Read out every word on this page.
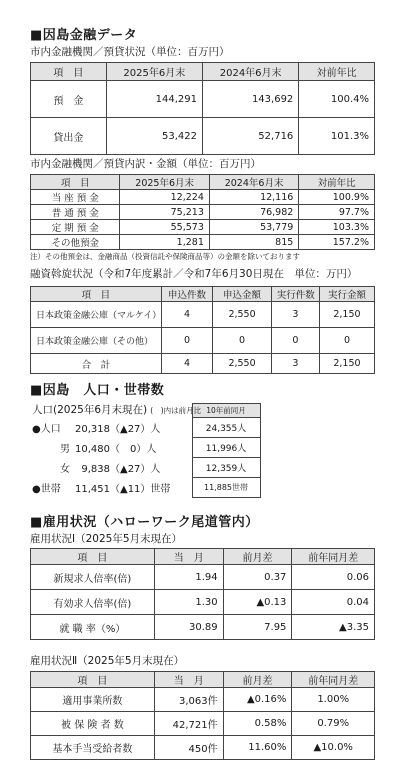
■因島金融データ
市内金融機関／預貸状況（単位：百万円）
項　目	2025年6月末	2024年6月末	対前年比
預　金	144,291	143,692	100.4%
貸出金	53,422	52,716	101.3%
市内金融機関／預貸内訳・金額（単位：百万円）
項　目	2025年6月末	2024年6月末	対前年比
当 座 預 金	12,224	12,116	100.9%
普 通 預 金	75,213	76,982	97.7%
定 期 預 金	55,573	53,779	103.3%
その他預金	1,281	815	157.2%
注）その他預金は、金融商品（投資信託や保険商品等）の金額を除いております
融資斡旋状況（令和7年度累計／令和7年6月30日現在　単位：万円）
項　目	申込件数	申込金額	実行件数	実行金額
日本政策金融公庫（マルケイ）	4	2,550	3	2,150
日本政策金融公庫（その他）	0	0	0	0
合　計	4	2,550	3	2,150
■因島　人口・世帯数
人口(2025年6月末現在) (　)内は前月比	10年前同月
●人口 20,318（▲27）人	24,355人
男 10,480（　0）人	11,996人
女 9,838（▲27）人	12,359人
●世帯 11,451（▲11）世帯	11,885世帯
■雇用状況（ハローワーク尾道管内）
雇用状況Ⅰ（2025年5月末現在）
項　目	当　月	前月差	前年同月差
新規求人倍率(倍)	1.94	0.37	0.06
有効求人倍率(倍)	1.30	▲0.13	0.04
就 職 率（%）	30.89	7.95	▲3.35
雇用状況Ⅱ（2025年5月末現在）
項　目	当　月	前月差	前年同月差
適用事業所数	3,063件	▲0.16%	1.00%
被 保 険 者 数	42,721件	0.58%	0.79%
基本手当受給者数	450件	11.60%	▲10.0%
